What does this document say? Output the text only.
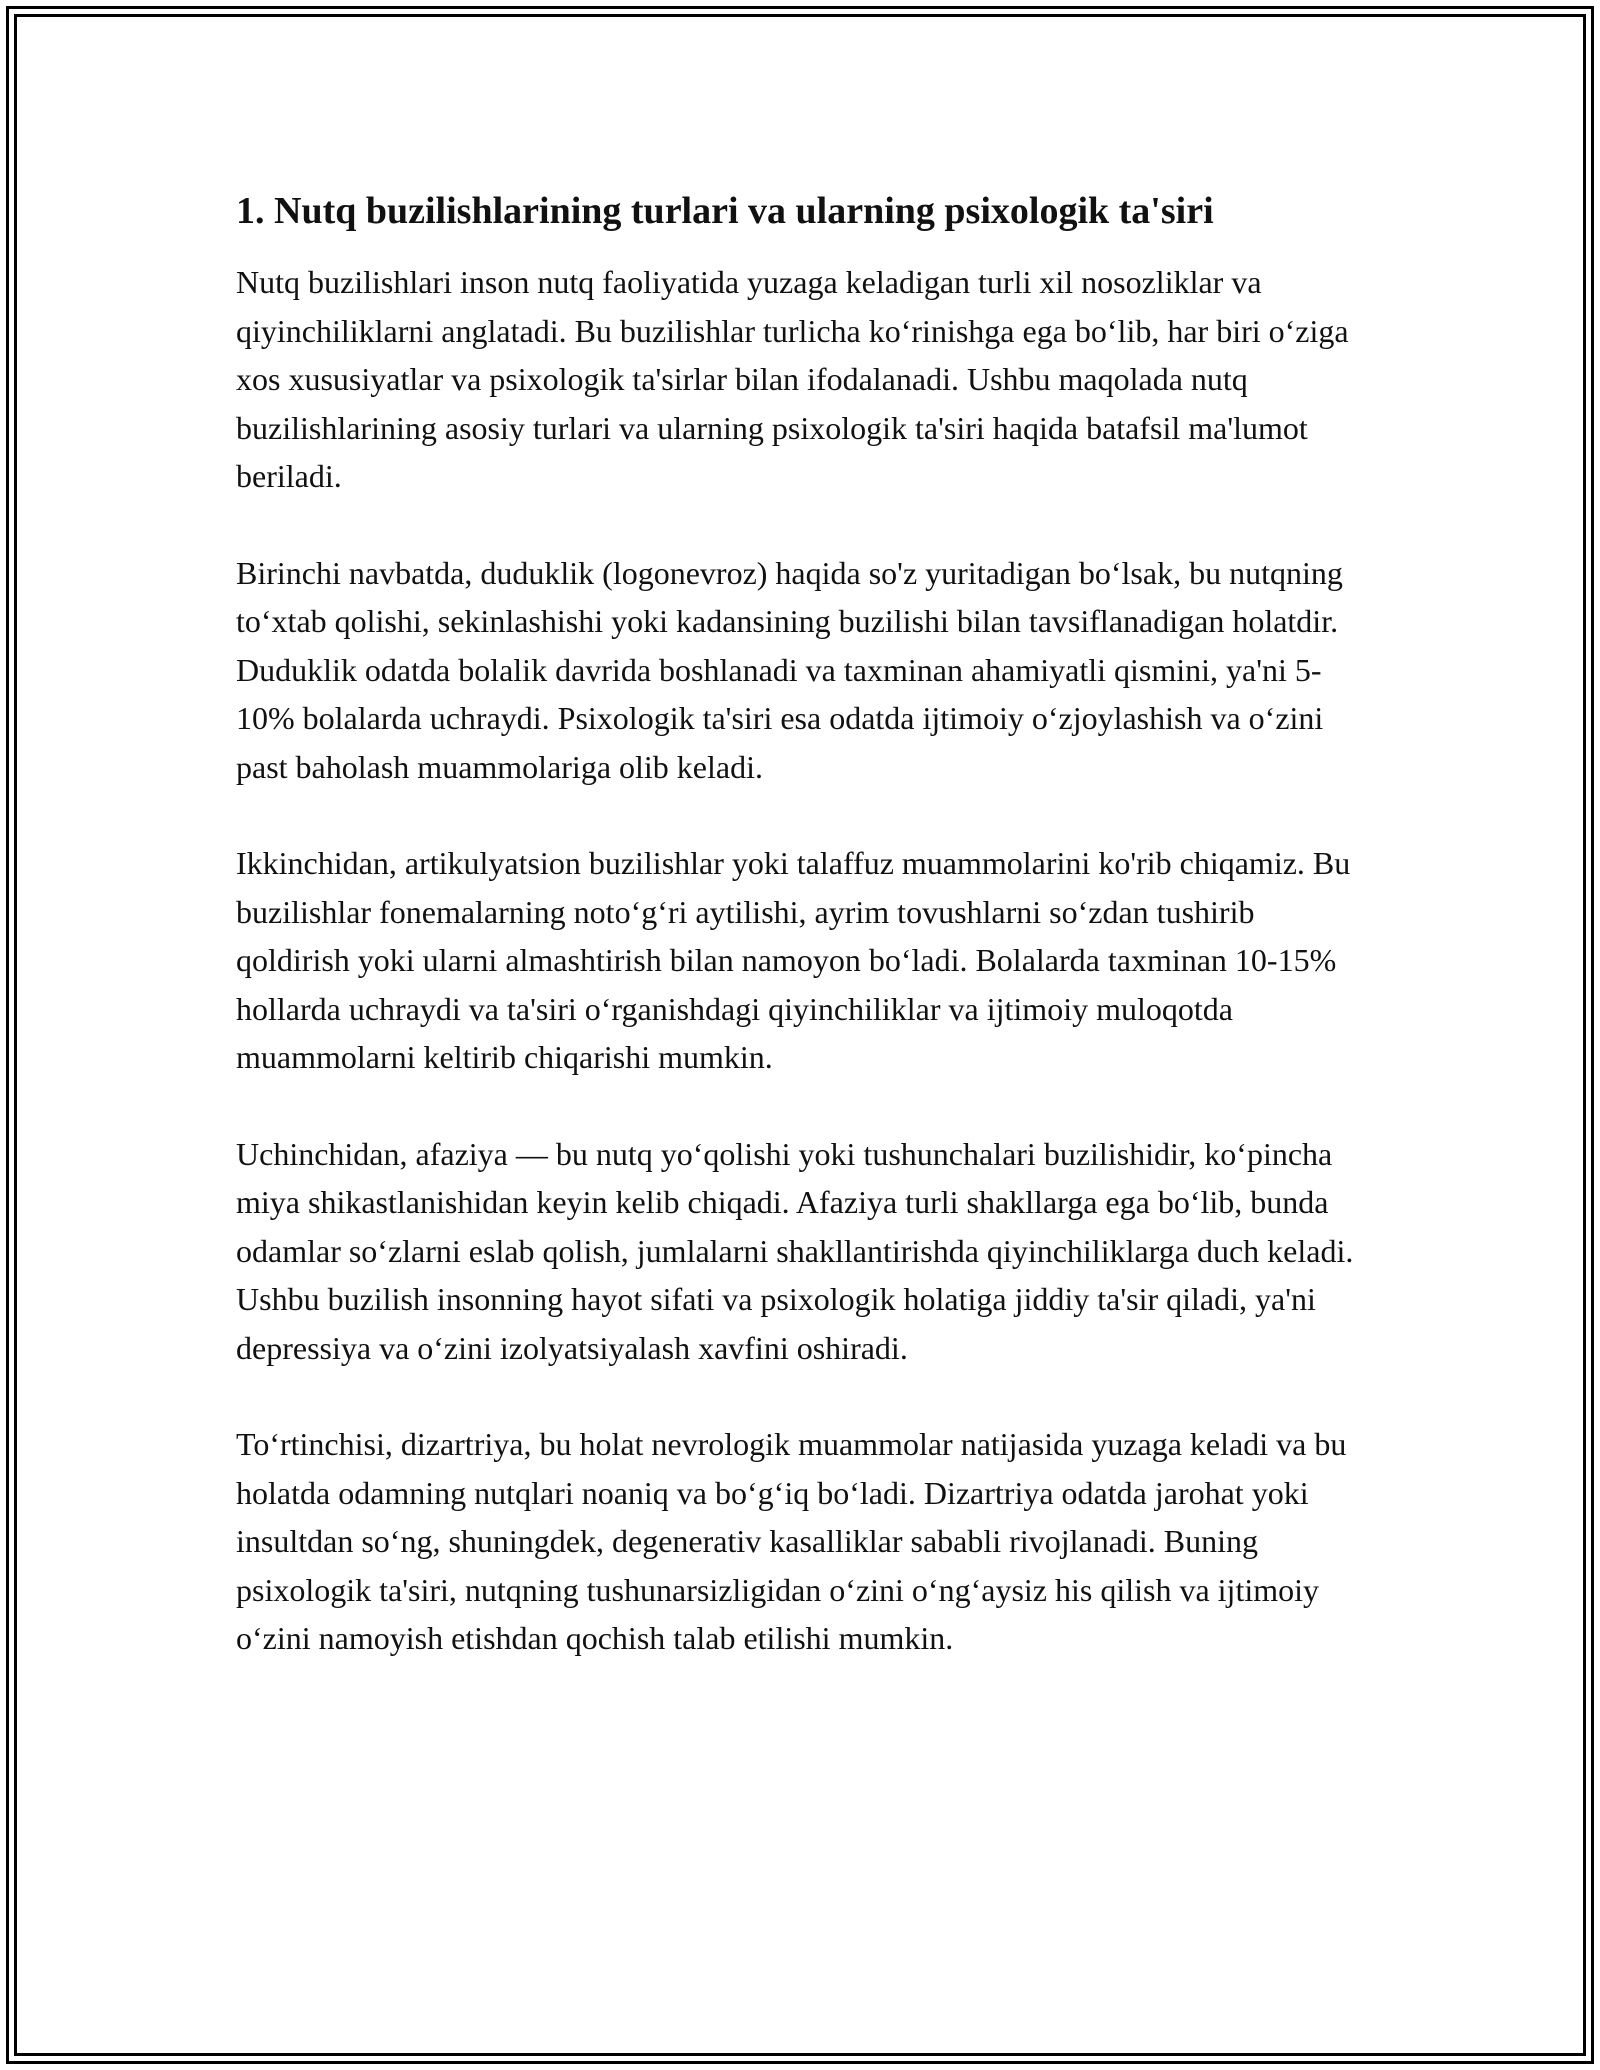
1. Nutq buzilishlarining turlari va ularning psixologik ta'siri

Nutq buzilishlari inson nutq faoliyatida yuzaga keladigan turli xil nosozliklar va qiyinchiliklarni anglatadi. Bu buzilishlar turlicha ko‘rinishga ega bo‘lib, har biri o‘ziga xos xususiyatlar va psixologik ta'sirlar bilan ifodalanadi. Ushbu maqolada nutq buzilishlarining asosiy turlari va ularning psixologik ta'siri haqida batafsil ma'lumot beriladi.

Birinchi navbatda, duduklik (logonevroz) haqida so'z yuritadigan bo‘lsak, bu nutqning to‘xtab qolishi, sekinlashishi yoki kadansining buzilishi bilan tavsiflanadigan holatdir. Duduklik odatda bolalik davrida boshlanadi va taxminan ahamiyatli qismini, ya'ni 5-10% bolalarda uchraydi. Psixologik ta'siri esa odatda ijtimoiy o‘zjoylashish va o‘zini past baholash muammolariga olib keladi.

Ikkinchidan, artikulyatsion buzilishlar yoki talaffuz muammolarini ko'rib chiqamiz. Bu buzilishlar fonemalarning noto‘g‘ri aytilishi, ayrim tovushlarni so‘zdan tushirib qoldirish yoki ularni almashtirish bilan namoyon bo‘ladi. Bolalarda taxminan 10-15% hollarda uchraydi va ta'siri o‘rganishdagi qiyinchiliklar va ijtimoiy muloqotda muammolarni keltirib chiqarishi mumkin.

Uchinchidan, afaziya — bu nutq yo‘qolishi yoki tushunchalari buzilishidir, ko‘pincha miya shikastlanishidan keyin kelib chiqadi. Afaziya turli shakllarga ega bo‘lib, bunda odamlar so‘zlarni eslab qolish, jumlalarni shakllantirishda qiyinchiliklarga duch keladi. Ushbu buzilish insonning hayot sifati va psixologik holatiga jiddiy ta'sir qiladi, ya'ni depressiya va o‘zini izolyatsiyalash xavfini oshiradi.

To‘rtinchisi, dizartriya, bu holat nevrologik muammolar natijasida yuzaga keladi va bu holatda odamning nutqlari noaniq va bo‘g‘iq bo‘ladi. Dizartriya odatda jarohat yoki insultdan so‘ng, shuningdek, degenerativ kasalliklar sababli rivojlanadi. Buning psixologik ta'siri, nutqning tushunarsizligidan o‘zini o‘ng‘aysiz his qilish va ijtimoiy o‘zini namoyish etishdan qochish talab etilishi mumkin.
